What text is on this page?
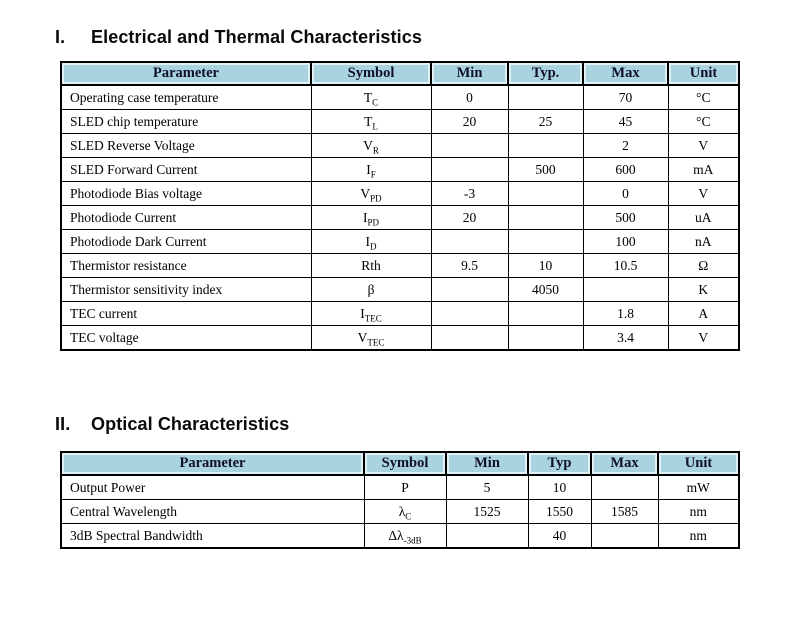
I.	Electrical and Thermal Characteristics
Parameter	Symbol	Min	Typ.	Max	Unit
Operating case temperature	$T_C$	0		70	°C
SLED chip temperature	$T_L$	20	25	45	°C
SLED Reverse Voltage	$V_R$			2	V
SLED Forward Current	$I_F$		500	600	mA
Photodiode Bias voltage	$V_{PD}$	-3		0	V
Photodiode Current	$I_{PD}$	20		500	uA
Photodiode Dark Current	$I_D$			100	nA
Thermistor resistance	Rth	9.5	10	10.5	Ω
Thermistor sensitivity index	β		4050		K
TEC current	$I_{TEC}$			1.8	A
TEC voltage	$V_{TEC}$			3.4	V
II.	Optical Characteristics
Parameter	Symbol	Min	Typ	Max	Unit
Output Power	P	5	10		mW
Central Wavelength	$\lambda_C$	1525	1550	1585	nm
3dB Spectral Bandwidth	$\Delta\lambda_{-3dB}$		40		nm
